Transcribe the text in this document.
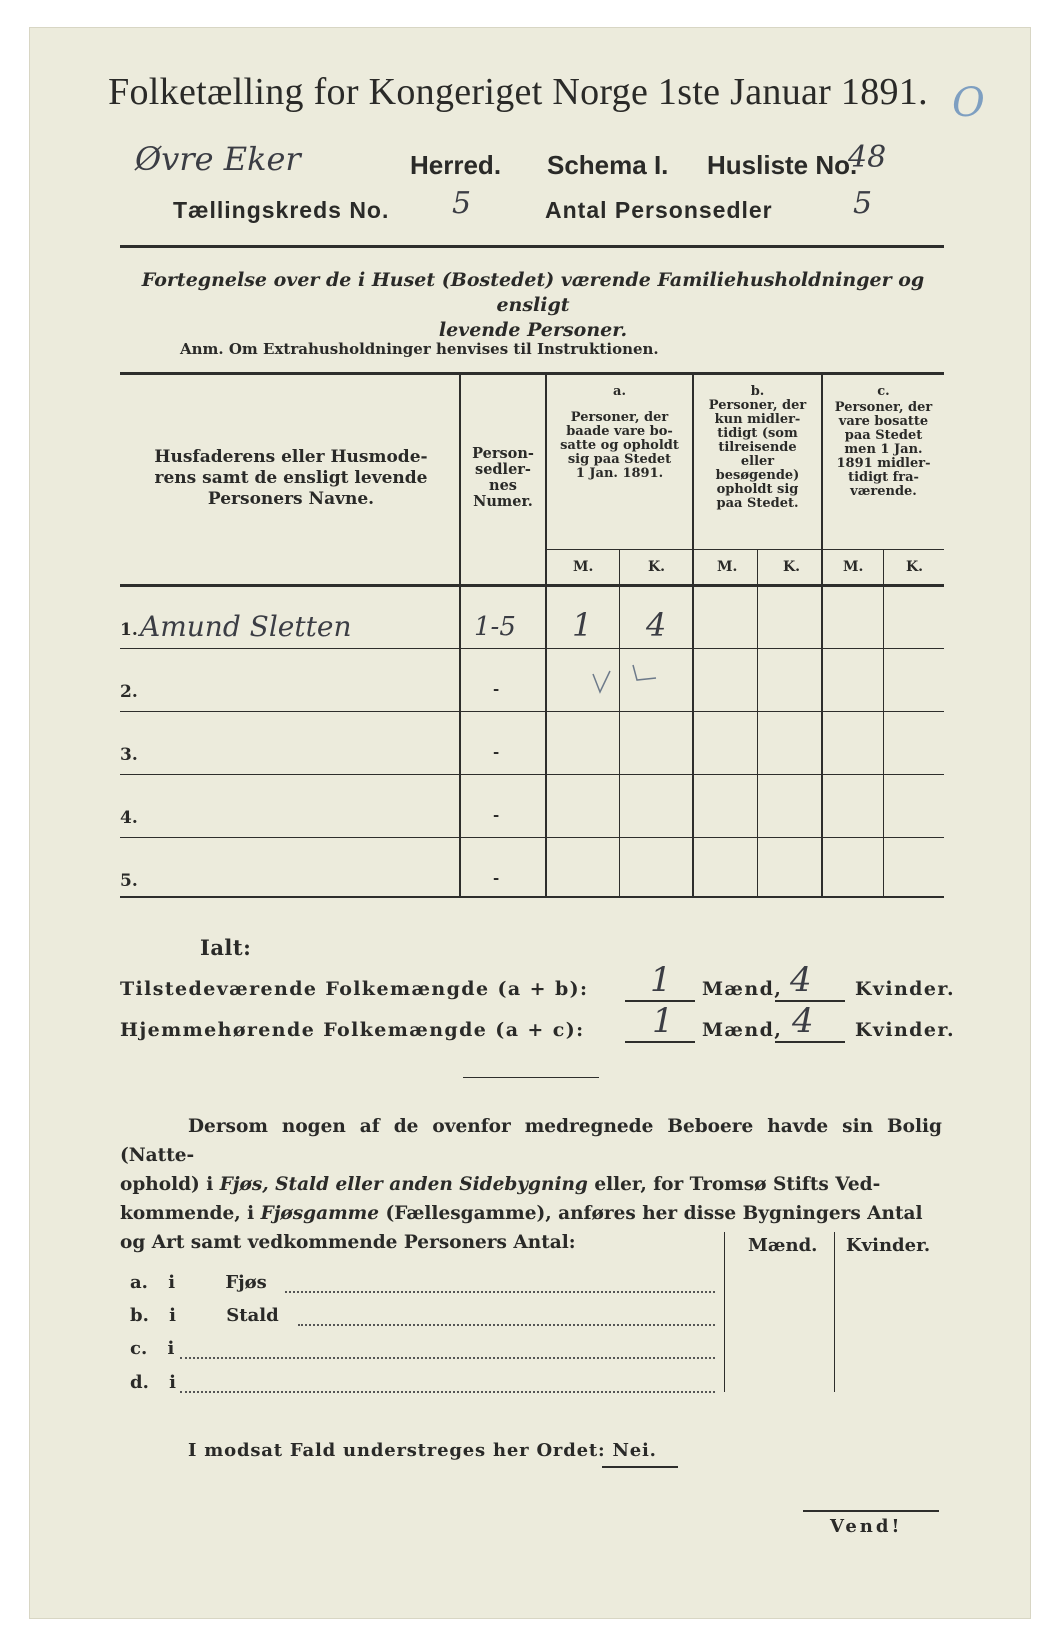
Folketælling for Kongeriget Norge 1ste Januar 1891. O
Øvre Eker	Herred. Schema I. Husliste No.
48
Tællingskreds No. 5	Antal Personsedler	5
Fortegnelse over de i Huset (Bostedet) værende Familiehusholdninger og ensligt
levende Personer.
Anm. Om Extrahusholdninger henvises til Instruktionen.
Husfaderens eller Husmode-
rens samt de ensligt levende
Personers Navne.
Person-
sedler-
nes
Numer.
a.
Personer, der
baade vare bo-
satte og opholdt
sig paa Stedet
1 Jan. 1891.
b.
Personer, der
kun midler-
tidigt (som
tilreisende
eller
besøgende)
opholdt sig
paa Stedet.
c.
Personer, der
vare bosatte
paa Stedet
men 1 Jan.
1891 midler-
tidigt fra-
værende.
M.	K.	M.	K.	M.	K.
1. Amund Sletten	1-5 1 4
2.	-
3.	-
4.	-
5.	-
Ialt:
Tilstedeværende Folkemængde (a + b): 1 Mænd, 4 Kvinder.
Hjemmehørende Folkemængde (a + c): 1 Mænd, 4 Kvinder.
Dersom nogen af de ovenfor medregnede Beboere havde sin Bolig (Natte-
ophold) i Fjøs, Stald eller anden Sidebygning eller, for Tromsø Stifts Ved-
kommende, i Fjøsgamme (Fællesgamme), anføres her disse Bygningers Antal
og Art samt vedkommende Personers Antal:	Mænd. Kvinder.
a. i	Fjøs
b. i	Stald
c. i
d. i
I modsat Fald understreges her Ordet: Nei.
Vend!
